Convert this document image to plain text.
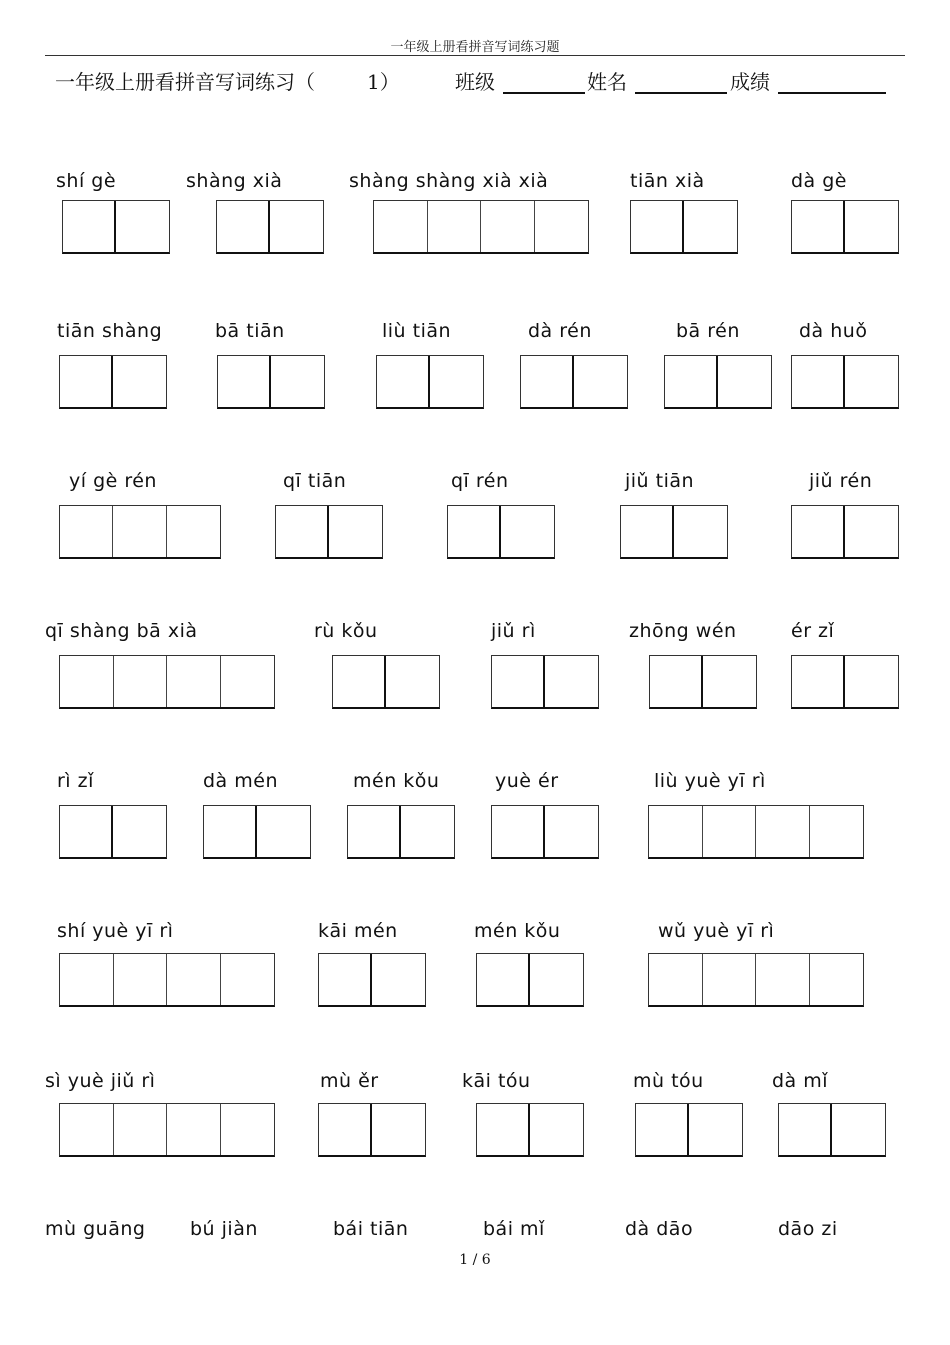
一年级上册看拼音写词练习题
一年级上册看拼音写词练习（	1）	班级	姓名	成绩
shí gè	shàng xià	shàng shàng xià xià	tiān xià	dà gè
tiān shàng	bā tiān	liù tiān	dà rén	bā rén	dà huǒ
yí gè rén	qī tiān	qī rén	jiǔ tiān	jiǔ rén
qī shàng bā xià	rù kǒu	jiǔ rì	zhōng wén	ér zǐ
rì zǐ	dà mén	mén kǒu	yuè ér	liù yuè yī rì
shí yuè yī rì	kāi mén	mén kǒu	wǔ yuè yī rì
sì yuè jiǔ rì	mù ěr	kāi tóu	mù tóu	dà mǐ
mù guāng bú jiàn	bái tiān	bái mǐ	dà dāo	dāo zi
1 / 6
